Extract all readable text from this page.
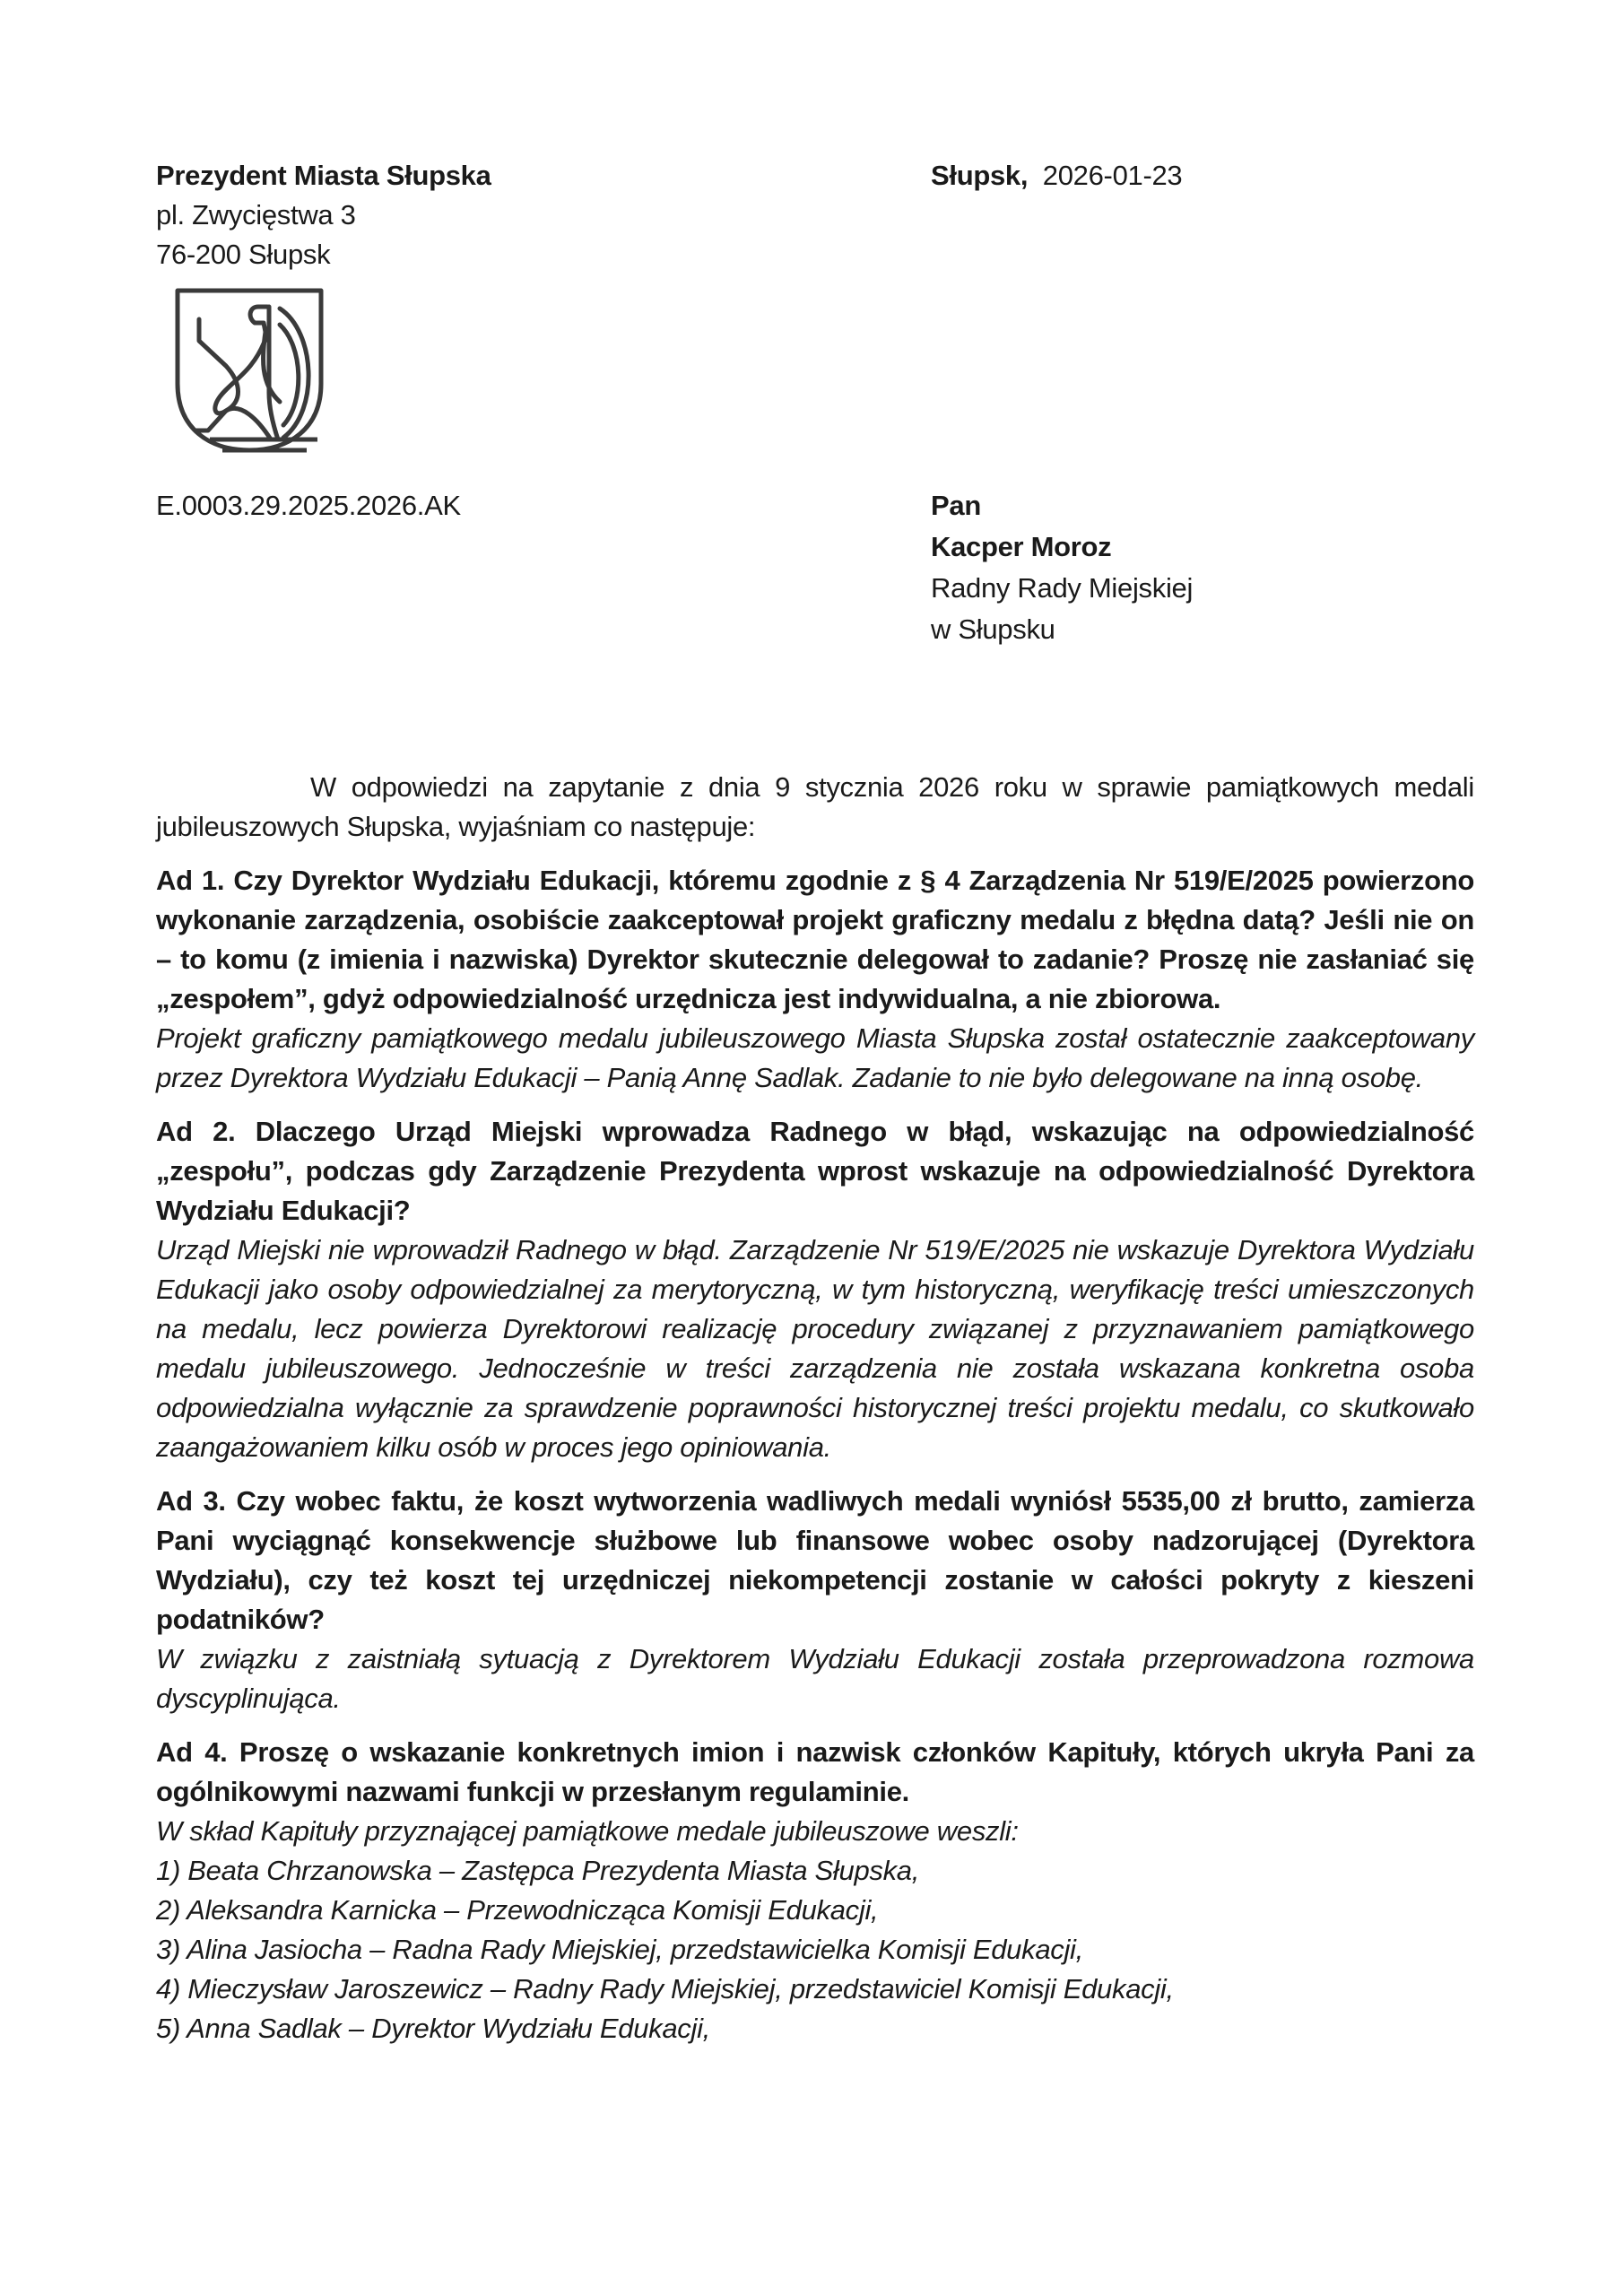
Prezydent Miasta Słupska
pl. Zwycięstwa 3
76-200 Słupsk
Słupsk, 2026-01-23
E.0003.29.2025.2026.AK	Pan
Kacper Moroz
Radny Rady Miejskiej
w Słupsku

W odpowiedzi na zapytanie z dnia 9 stycznia 2026 roku w sprawie pamiątkowych medali jubileuszowych Słupska, wyjaśniam co następuje:

Ad 1. Czy Dyrektor Wydziału Edukacji, któremu zgodnie z § 4 Zarządzenia Nr 519/E/2025 powierzono wykonanie zarządzenia, osobiście zaakceptował projekt graficzny medalu z błędna datą? Jeśli nie on – to komu (z imienia i nazwiska) Dyrektor skutecznie delegował to zadanie? Proszę nie zasłaniać się „zespołem”, gdyż odpowiedzialność urzędnicza jest indywidualna, a nie zbiorowa.

Projekt graficzny pamiątkowego medalu jubileuszowego Miasta Słupska został ostatecznie zaakceptowany przez Dyrektora Wydziału Edukacji – Panią Annę Sadlak. Zadanie to nie było delegowane na inną osobę.

Ad 2. Dlaczego Urząd Miejski wprowadza Radnego w błąd, wskazując na odpowiedzialność „zespołu”, podczas gdy Zarządzenie Prezydenta wprost wskazuje na odpowiedzialność Dyrektora Wydziału Edukacji?

Urząd Miejski nie wprowadził Radnego w błąd. Zarządzenie Nr 519/E/2025 nie wskazuje Dyrektora Wydziału Edukacji jako osoby odpowiedzialnej za merytoryczną, w tym historyczną, weryfikację treści umieszczonych na medalu, lecz powierza Dyrektorowi realizację procedury związanej z przyznawaniem pamiątkowego medalu jubileuszowego. Jednocześnie w treści zarządzenia nie została wskazana konkretna osoba odpowiedzialna wyłącznie za sprawdzenie poprawności historycznej treści projektu medalu, co skutkowało zaangażowaniem kilku osób w proces jego opiniowania.

Ad 3. Czy wobec faktu, że koszt wytworzenia wadliwych medali wyniósł 5535,00 zł brutto, zamierza Pani wyciągnąć konsekwencje służbowe lub finansowe wobec osoby nadzorującej (Dyrektora Wydziału), czy też koszt tej urzędniczej niekompetencji zostanie w całości pokryty z kieszeni podatników?

W związku z zaistniałą sytuacją z Dyrektorem Wydziału Edukacji została przeprowadzona rozmowa dyscyplinująca.

Ad 4. Proszę o wskazanie konkretnych imion i nazwisk członków Kapituły, których ukryła Pani za ogólnikowymi nazwami funkcji w przesłanym regulaminie.

W skład Kapituły przyznającej pamiątkowe medale jubileuszowe weszli:

1) Beata Chrzanowska – Zastępca Prezydenta Miasta Słupska,

2) Aleksandra Karnicka – Przewodnicząca Komisji Edukacji,

3) Alina Jasiocha – Radna Rady Miejskiej, przedstawicielka Komisji Edukacji,

4) Mieczysław Jaroszewicz – Radny Rady Miejskiej, przedstawiciel Komisji Edukacji,

5) Anna Sadlak – Dyrektor Wydziału Edukacji,
